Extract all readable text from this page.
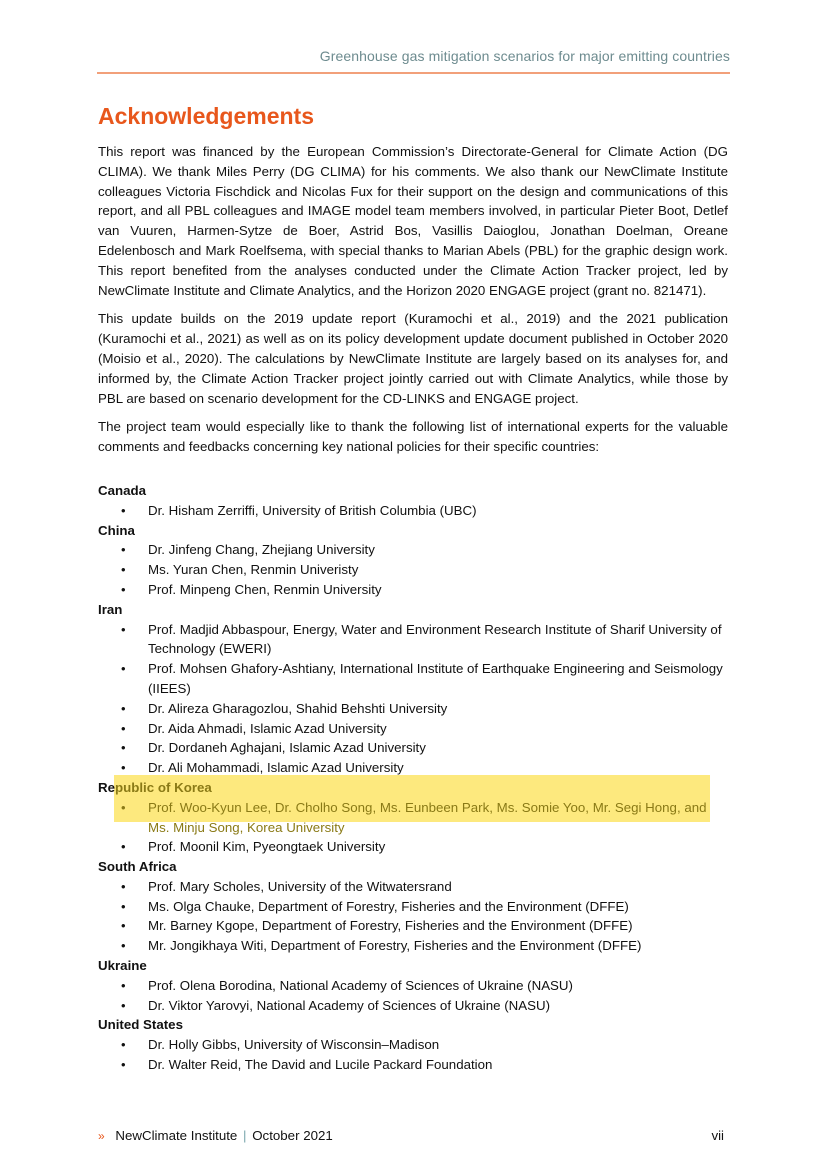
Greenhouse gas mitigation scenarios for major emitting countries
Acknowledgements

This report was financed by the European Commission’s Directorate-General for Climate Action (DG CLIMA). We thank Miles Perry (DG CLIMA) for his comments. We also thank our NewClimate Institute colleagues Victoria Fischdick and Nicolas Fux for their support on the design and communications of this report, and all PBL colleagues and IMAGE model team members involved, in particular Pieter Boot, Detlef van Vuuren, Harmen-Sytze de Boer, Astrid Bos, Vasillis Daioglou, Jonathan Doelman, Oreane Edelenbosch and Mark Roelfsema, with special thanks to Marian Abels (PBL) for the graphic design work. This report benefited from the analyses conducted under the Climate Action Tracker project, led by NewClimate Institute and Climate Analytics, and the Horizon 2020 ENGAGE project (grant no. 821471).

This update builds on the 2019 update report (Kuramochi et al., 2019) and the 2021 publication (Kuramochi et al., 2021) as well as on its policy development update document published in October 2020 (Moisio et al., 2020). The calculations by NewClimate Institute are largely based on its analyses for, and informed by, the Climate Action Tracker project jointly carried out with Climate Analytics, while those by PBL are based on scenario development for the CD-LINKS and ENGAGE project.

The project team would especially like to thank the following list of international experts for the valuable comments and feedbacks concerning key national policies for their specific countries:

Canada
• Dr. Hisham Zerriffi, University of British Columbia (UBC)
China
• Dr. Jinfeng Chang, Zhejiang University
• Ms. Yuran Chen, Renmin Univeristy
• Prof. Minpeng Chen, Renmin University
Iran
• Prof. Madjid Abbaspour, Energy, Water and Environment Research Institute of Sharif University of Technology (EWERI)
• Prof. Mohsen Ghafory-Ashtiany, International Institute of Earthquake Engineering and Seismology (IIEES)
• Dr. Alireza Gharagozlou, Shahid Behshti University
• Dr. Aida Ahmadi, Islamic Azad University
• Dr. Dordaneh Aghajani, Islamic Azad University
• Dr. Ali Mohammadi, Islamic Azad University
Republic of Korea
• Prof. Woo-Kyun Lee, Dr. Cholho Song, Ms. Eunbeen Park, Ms. Somie Yoo, Mr. Segi Hong, and Ms. Minju Song, Korea University
• Prof. Moonil Kim, Pyeongtaek University
South Africa
• Prof. Mary Scholes, University of the Witwatersrand
• Ms. Olga Chauke, Department of Forestry, Fisheries and the Environment (DFFE)
• Mr. Barney Kgope, Department of Forestry, Fisheries and the Environment (DFFE)
• Mr. Jongikhaya Witi, Department of Forestry, Fisheries and the Environment (DFFE)
Ukraine
• Prof. Olena Borodina, National Academy of Sciences of Ukraine (NASU)
• Dr. Viktor Yarovyi, National Academy of Sciences of Ukraine (NASU)
United States
• Dr. Holly Gibbs, University of Wisconsin–Madison
• Dr. Walter Reid, The David and Lucile Packard Foundation
» NewClimate Institute | October 2021	vii
